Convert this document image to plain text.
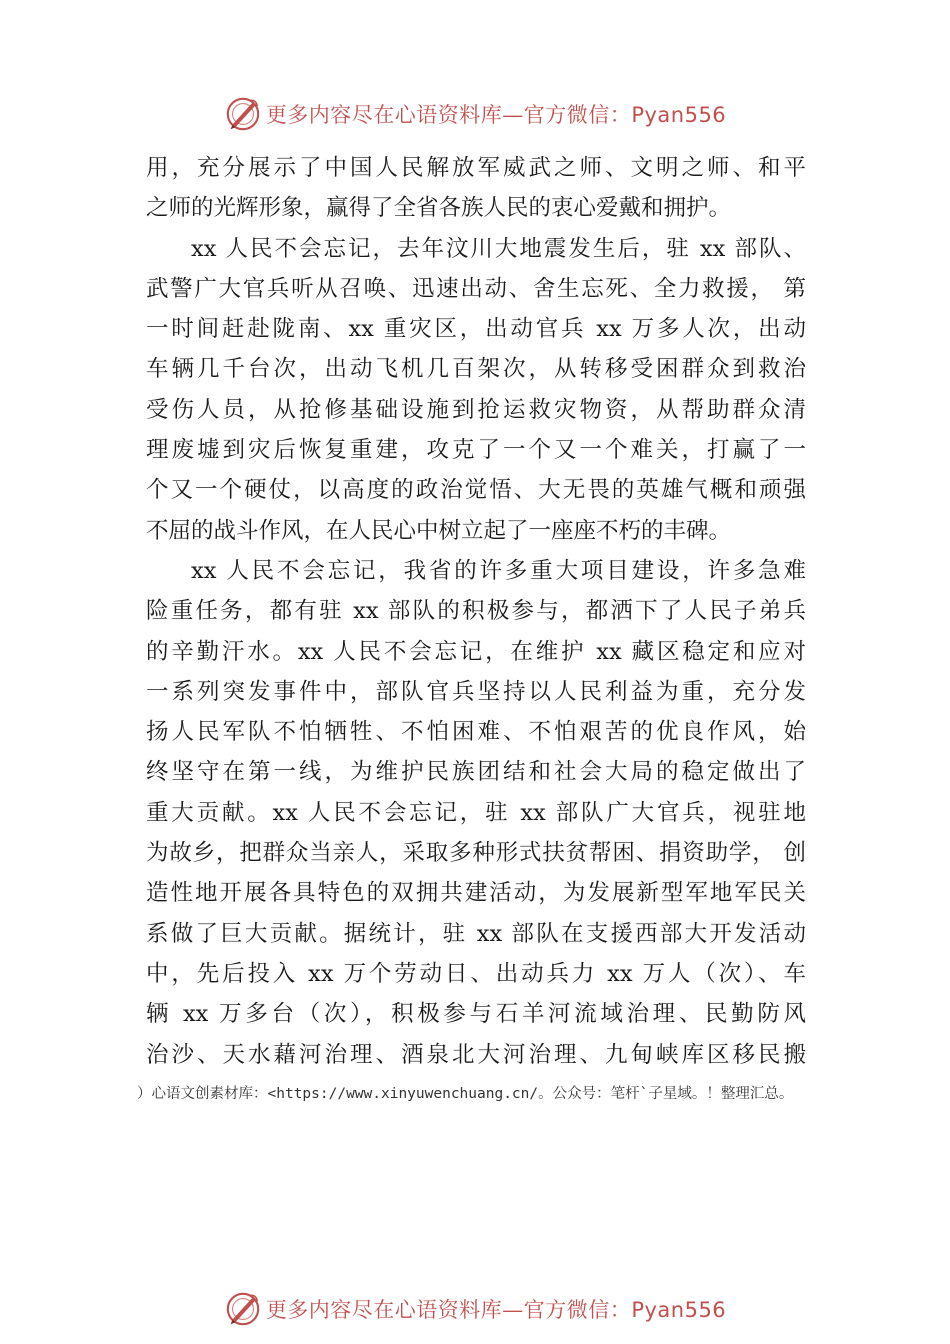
更多内容尽在心语资料库—官方微信：Pyan556
用，充分展示了中国人民解放军威武之师、文明之师、和平
之师的光辉形象，赢得了全省各族人民的衷心爱戴和拥护。
xx 人民不会忘记，去年汶川大地震发生后，驻 xx 部队、
武警广大官兵听从召唤、迅速出动、舍生忘死、全力救援， 第
一时间赶赴陇南、xx 重灾区，出动官兵 xx 万多人次，出动
车辆几千台次，出动飞机几百架次，从转移受困群众到救治
受伤人员，从抢修基础设施到抢运救灾物资，从帮助群众清
理废墟到灾后恢复重建，攻克了一个又一个难关，打赢了一
个又一个硬仗，以高度的政治觉悟、大无畏的英雄气概和顽强
不屈的战斗作风，在人民心中树立起了一座座不朽的丰碑。
xx 人民不会忘记，我省的许多重大项目建设，许多急难
险重任务，都有驻 xx 部队的积极参与，都洒下了人民子弟兵
的辛勤汗水。xx 人民不会忘记，在维护 xx 藏区稳定和应对
一系列突发事件中，部队官兵坚持以人民利益为重，充分发
扬人民军队不怕牺牲、不怕困难、不怕艰苦的优良作风，始
终坚守在第一线，为维护民族团结和社会大局的稳定做出了
重大贡献。xx 人民不会忘记，驻 xx 部队广大官兵，视驻地
为故乡，把群众当亲人，采取多种形式扶贫帮困、捐资助学， 创
造性地开展各具特色的双拥共建活动，为发展新型军地军民关
系做了巨大贡献。据统计，驻 xx 部队在支援西部大开发活动
中，先后投入 xx 万个劳动日、出动兵力 xx 万人（次）、车
辆 xx 万多台（次），积极参与石羊河流域治理、民勤防风
治沙、天水藉河治理、酒泉北大河治理、九甸峡库区移民搬
）心语文创素材库：<https://www.xinyuwenchuang.cn/。公众号：笔杆`子星域。！整理汇总。
更多内容尽在心语资料库—官方微信：Pyan556
